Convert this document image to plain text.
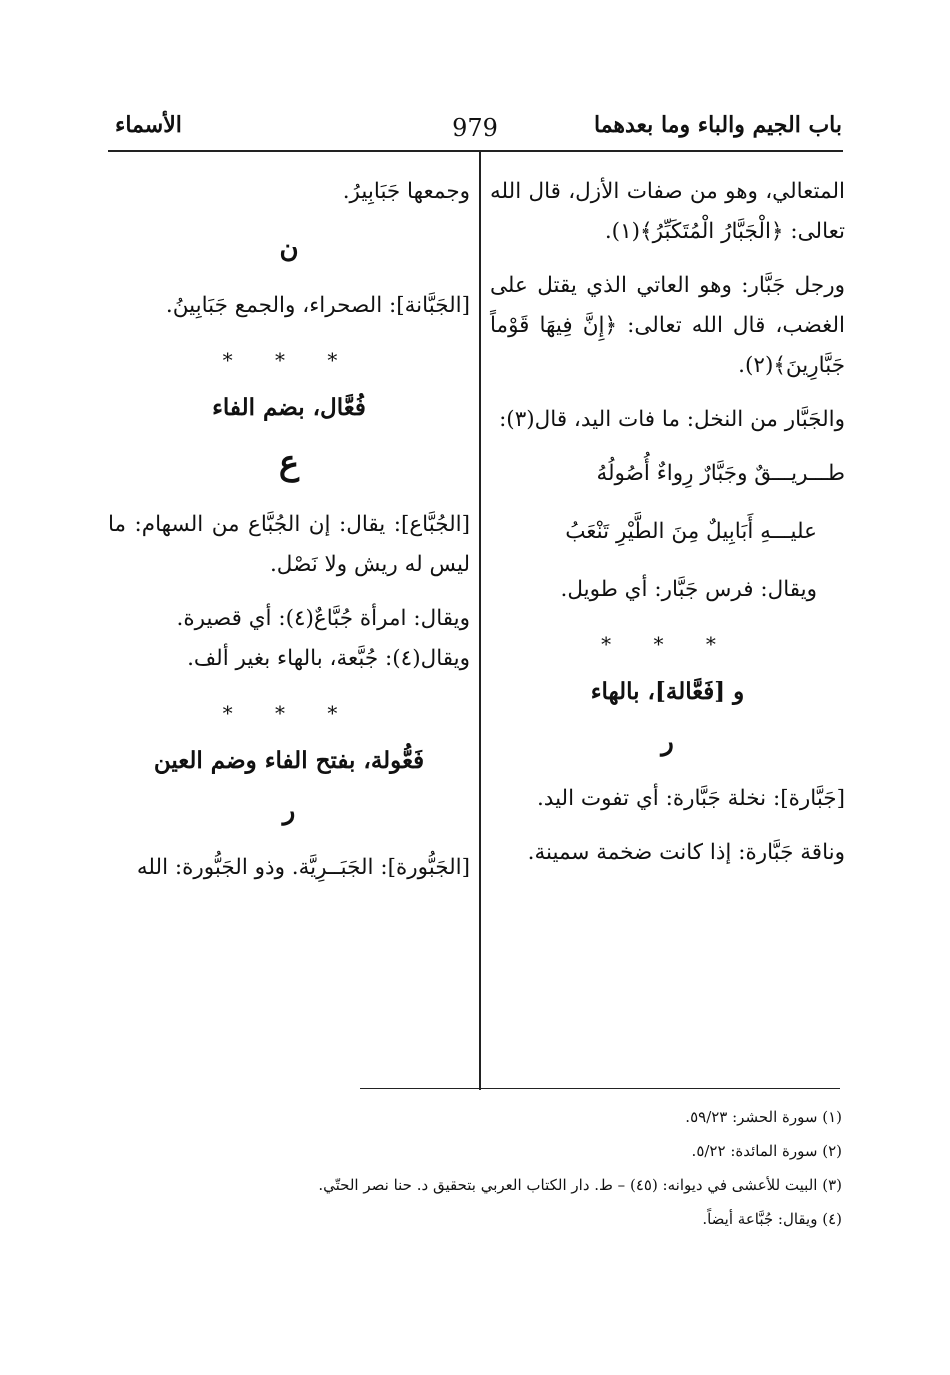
باب الجيم والباء وما بعدهما
979
الأسماء

المتعالي، وهو من صفات الأزل، قال الله تعالى: ﴿الْجَبَّارُ الْمُتَكَبِّرُ﴾(١).

ورجل جَبَّار: وهو العاتي الذي يقتل على الغضب، قال الله تعالى: ﴿إِنَّ فِيهَا قَوْماً جَبَّارِينَ﴾(٢).

والجَبَّار من النخل: ما فات اليد، قال(٣):

طـــريـــقٌ وجَبَّارٌ رِواءٌ أُصُولُهُ
عليـــهِ أَبَابِيلٌ مِنَ الطَّيْرِ تَنْعَبُ

ويقال: فرس جَبَّار: أي طويل.

* * *
و [فَعَّالة]، بالهاء
ر

[جَبَّارة]: نخلة جَبَّارة: أي تفوت اليد.

وناقة جَبَّارة: إذا كانت ضخمة سمينة.

وجمعها جَبَابِيرُ.

ن

[الجَبَّانة]: الصحراء، والجمع جَبَابِينُ.

* * *
فُعَّال، بضم الفاء
ع

[الجُبَّاع]: يقال: إن الجُبَّاع من السهام: ما ليس له ريش ولا نَصْل.

ويقال: امرأة جُبَّاعٌ(٤): أي قصيرة.

ويقال(٤): جُبَّعة، بالهاء بغير ألف.

* * *
فَعُّولة، بفتح الفاء وضم العين
ر

[الجَبُّورة]: الجَبَــرِيَّة. وذو الجَبُّورة: الله

(١) سورة الحشر: ٥٩/٢٣.
(٢) سورة المائدة: ٥/٢٢.
(٣) البيت للأعشى في ديوانه: (٤٥) – ط. دار الكتاب العربي بتحقيق د. حنا نصر الحتّي.
(٤) ويقال: جُبَّاعة أيضاً.
